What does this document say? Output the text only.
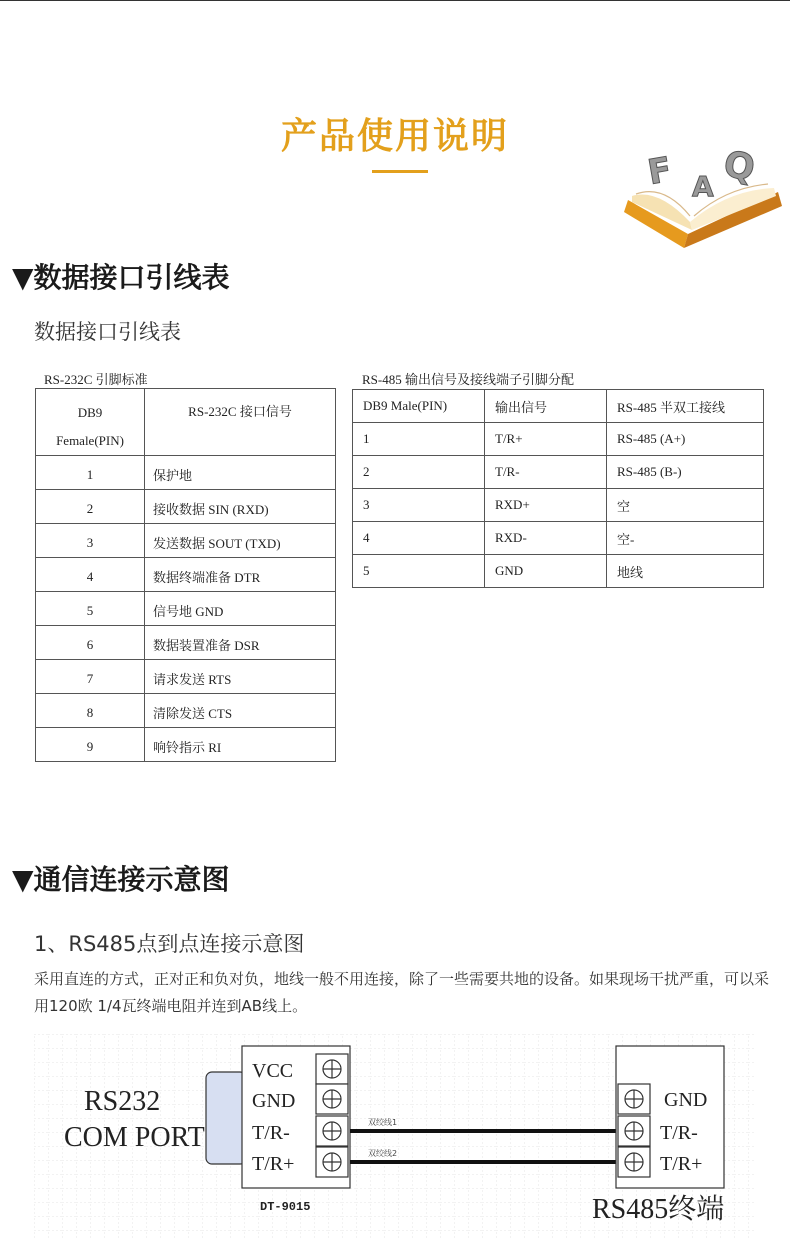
产品使用说明
F A Q
▼数据接口引线表
数据接口引线表
RS-232C 引脚标准	RS-485 输出信号及接线端子引脚分配
DB9
Female(PIN)	RS-232C 接口信号
1	保护地
2	接收数据 SIN (RXD)
3	发送数据 SOUT (TXD)
4	数据终端准备 DTR
5	信号地 GND
6	数据装置准备 DSR
7	请求发送 RTS
8	清除发送 CTS
9	响铃指示 RI
DB9 Male(PIN)	输出信号	RS-485 半双工接线
1	T/R+	RS-485 (A+)
2	T/R-	RS-485 (B-)
3	RXD+	空
4	RXD-	空-
5	GND	地线
▼通信连接示意图
1、RS485点到点连接示意图
采用直连的方式，正对正和负对负，地线一般不用连接，除了一些需要共地的设备。如果现场干扰严重，可以采用120欧 1/4瓦终端电阻并连到AB线上。
RS232
COM PORT
VCC
GND
T/R-
T/R+
DT-9015
双绞线1
双绞线2
GND
T/R-
T/R+
RS485终端
